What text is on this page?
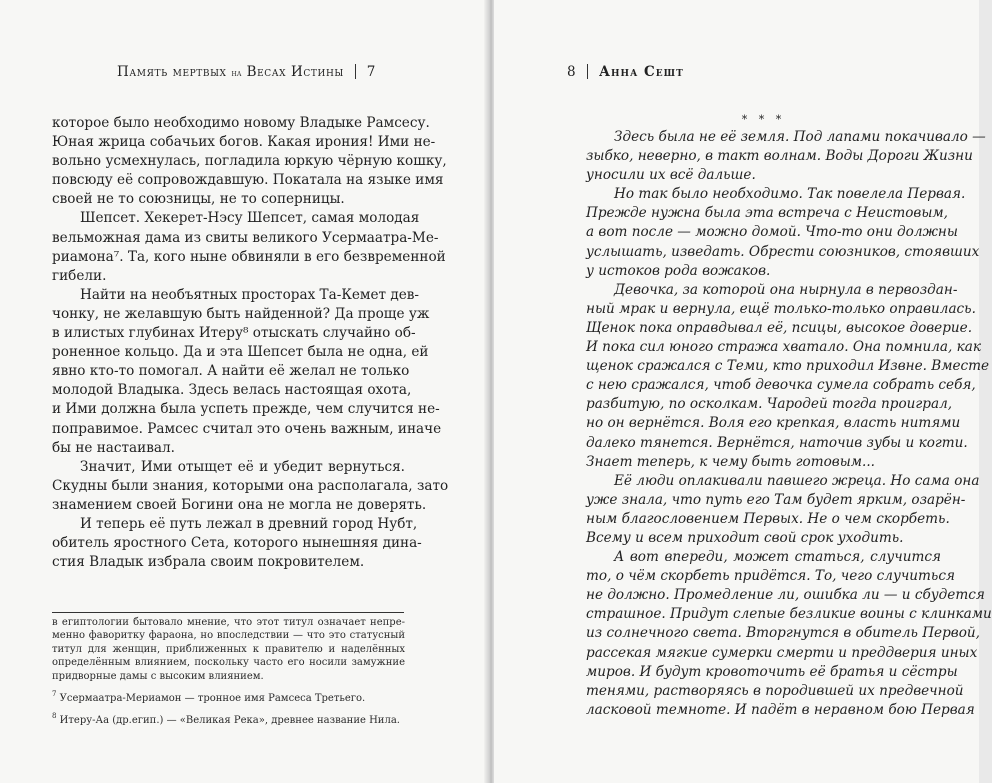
Память мертвых на Весах Истины 7
которое было необходимо новому Владыке Рамсесу.
Юная жрица собачьих богов. Какая ирония! Ими не-
вольно усмехнулась, погладила юркую чёрную кошку,
повсюду её сопровождавшую. Покатала на языке имя
своей не то союзницы, не то соперницы.
Шепсет. Хекерет-Нэсу Шепсет, самая молодая
вельможная дама из свиты великого Усермаатра-Ме-
риамона⁷. Та, кого ныне обвиняли в его безвременной
гибели.
Найти на необъятных просторах Та-Кемет дев-
чонку, не желавшую быть найденной? Да проще уж
в илистых глубинах Итеру⁸ отыскать случайно об-
роненное кольцо. Да и эта Шепсет была не одна, ей
явно кто-то помогал. А найти её желал не только
молодой Владыка. Здесь велась настоящая охота,
и Ими должна была успеть прежде, чем случится не-
поправимое. Рамсес считал это очень важным, иначе
бы не настаивал.
Значит, Ими отыщет её и убедит вернуться.
Скудны были знания, которыми она располагала, зато
знамением своей Богини она не могла не доверять.
И теперь её путь лежал в древний город Нубт,
обитель яростного Сета, которого нынешняя дина-
стия Владык избрала своим покровителем.
в египтологии бытовало мнение, что этот титул означает непре-
менно фаворитку фараона, но впоследствии — что это статусный
титул для женщин, приближенных к правителю и наделённых
определённым влиянием, поскольку часто его носили замужние
придворные дамы с высоким влиянием.
$^7$ Усермаатра-Мериамон — тронное имя Рамсеса Третьего.
$^8$ Итеру-Аа (др.егип.) — «Великая Река», древнее название Нила.
8 Анна Сешт
* * *
Здесь была не её земля. Под лапами покачивало —
зыбко, неверно, в такт волнам. Воды Дороги Жизни
уносили их всё дальше.
Но так было необходимо. Так повелела Первая.
Прежде нужна была эта встреча с Неистовым,
а вот после — можно домой. Что-то они должны
услышать, изведать. Обрести союзников, стоявших
у истоков рода вожаков.
Девочка, за которой она нырнула в первоздан-
ный мрак и вернула, ещё только-только оправилась.
Щенок пока оправдывал её, псицы, высокое доверие.
И пока сил юного стража хватало. Она помнила, как
щенок сражался с Теми, кто приходил Извне. Вместе
с нею сражался, чтоб девочка сумела собрать себя,
разбитую, по осколкам. Чародей тогда проиграл,
но он вернётся. Воля его крепкая, власть нитями
далеко тянется. Вернётся, наточив зубы и когти.
Знает теперь, к чему быть готовым...
Её люди оплакивали павшего жреца. Но сама она
уже знала, что путь его Там будет ярким, озарён-
ным благословением Первых. Не о чем скорбеть.
Всему и всем приходит свой срок уходить.
А вот впереди, может статься, случится
то, о чём скорбеть придётся. То, чего случиться
не должно. Промедление ли, ошибка ли — и сбудется
страшное. Придут слепые безликие воины с клинками
из солнечного света. Вторгнутся в обитель Первой,
рассекая мягкие сумерки смерти и преддверия иных
миров. И будут кровоточить её братья и сёстры
тенями, растворяясь в породившей их предвечной
ласковой темноте. И падёт в неравном бою Первая
